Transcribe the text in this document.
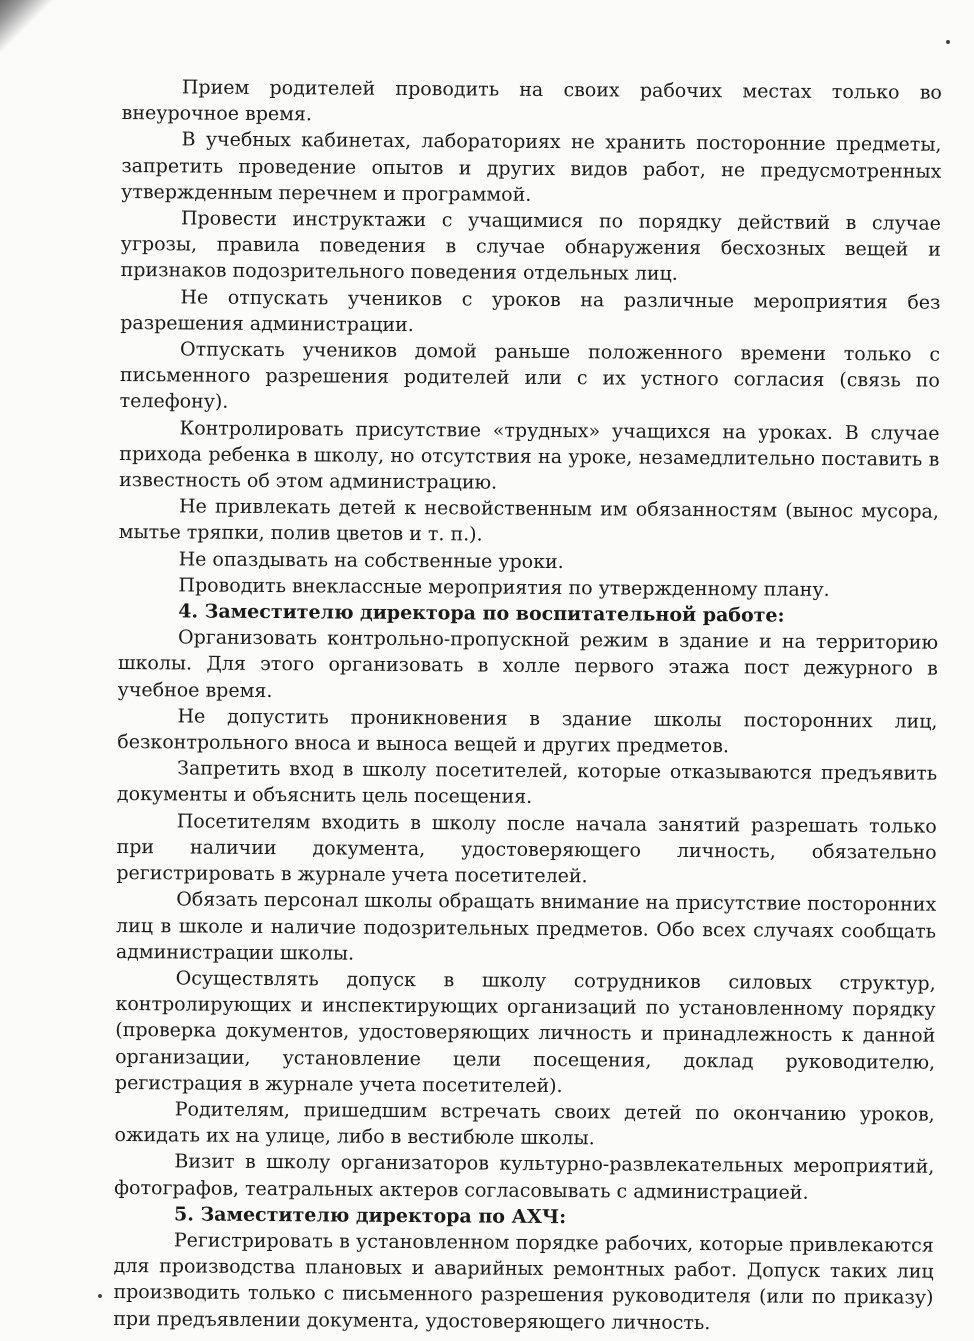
Прием родителей проводить на своих рабочих местах только во внеурочное время.

В учебных кабинетах, лабораториях не хранить посторонние предметы, запретить проведение опытов и других видов работ, не предусмотренных утвержденным перечнем и программой.

Провести инструктажи с учащимися по порядку действий в случае угрозы, правила поведения в случае обнаружения бесхозных вещей и признаков подозрительного поведения отдельных лиц.

Не отпускать учеников с уроков на различные мероприятия без разрешения администрации.

Отпускать учеников домой раньше положенного времени только с письменного разрешения родителей или с их устного согласия (связь по телефону).

Контролировать присутствие «трудных» учащихся на уроках. В случае прихода ребенка в школу, но отсутствия на уроке, незамедлительно поставить в известность об этом администрацию.

Не привлекать детей к несвойственным им обязанностям (вынос мусора, мытье тряпки, полив цветов и т. п.).

Не опаздывать на собственные уроки.

Проводить внеклассные мероприятия по утвержденному плану.

4. Заместителю директора по воспитательной работе:

Организовать контрольно-пропускной режим в здание и на территорию школы. Для этого организовать в холле первого этажа пост дежурного в учебное время.

Не допустить проникновения в здание школы посторонних лиц, безконтрольного вноса и выноса вещей и других предметов.

Запретить вход в школу посетителей, которые отказываются предъявить документы и объяснить цель посещения.

Посетителям входить в школу после начала занятий разрешать только при наличии документа, удостоверяющего личность, обязательно регистрировать в журнале учета посетителей.

Обязать персонал школы обращать внимание на присутствие посторонних лиц в школе и наличие подозрительных предметов. Обо всех случаях сообщать администрации школы.

Осуществлять допуск в школу сотрудников силовых структур, контролирующих и инспектирующих организаций по установленному порядку (проверка документов, удостоверяющих личность и принадлежность к данной организации, установление цели посещения, доклад руководителю, регистрация в журнале учета посетителей).

Родителям, пришедшим встречать своих детей по окончанию уроков, ожидать их на улице, либо в вестибюле школы.

Визит в школу организаторов культурно-развлекательных мероприятий, фотографов, театральных актеров согласовывать с администрацией.

5. Заместителю директора по АХЧ:

Регистрировать в установленном порядке рабочих, которые привлекаются для производства плановых и аварийных ремонтных работ. Допуск таких лиц производить только с письменного разрешения руководителя (или по приказу) при предъявлении документа, удостоверяющего личность.
